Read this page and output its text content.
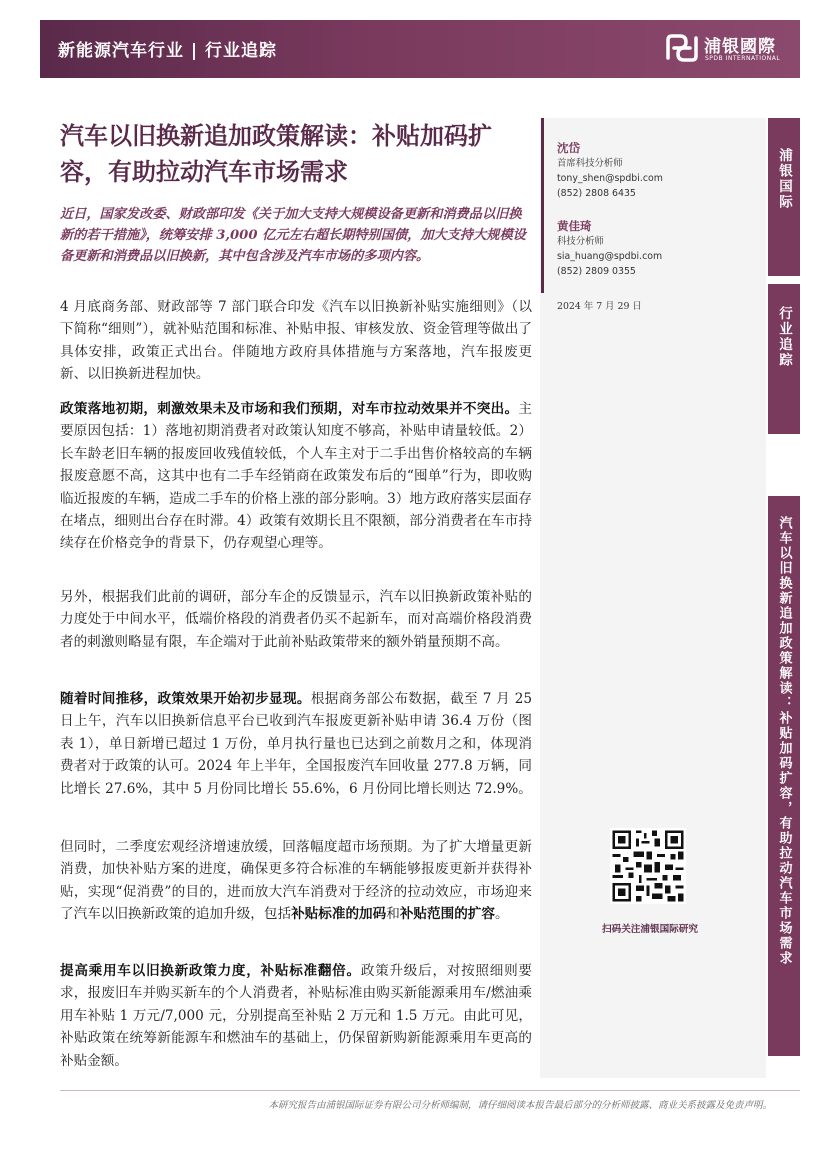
新能源汽车行业 | 行业追踪	浦银國際
SPDB INTERNATIONAL
汽车以旧换新追加政策解读：补贴加码扩容，有助拉动汽车市场需求

近日，国家发改委、财政部印发《关于加大支持大规模设备更新和消费品以旧换新的若干措施》，统筹安排 3,000 亿元左右超长期特别国债，加大支持大规模设备更新和消费品以旧换新，其中包含涉及汽车市场的多项内容。

4 月底商务部、财政部等 7 部门联合印发《汽车以旧换新补贴实施细则》（以下简称“细则”），就补贴范围和标准、补贴申报、审核发放、资金管理等做出了具体安排，政策正式出台。伴随地方政府具体措施与方案落地，汽车报废更新、以旧换新进程加快。

政策落地初期，刺激效果未及市场和我们预期，对车市拉动效果并不突出。主要原因包括：1）落地初期消费者对政策认知度不够高，补贴申请量较低。2）长车龄老旧车辆的报废回收残值较低，个人车主对于二手出售价格较高的车辆报废意愿不高，这其中也有二手车经销商在政策发布后的“囤单”行为，即收购临近报废的车辆，造成二手车的价格上涨的部分影响。3）地方政府落实层面存在堵点，细则出台存在时滞。4）政策有效期长且不限额，部分消费者在车市持续存在价格竞争的背景下，仍存观望心理等。

另外，根据我们此前的调研，部分车企的反馈显示，汽车以旧换新政策补贴的力度处于中间水平，低端价格段的消费者仍买不起新车，而对高端价格段消费者的刺激则略显有限，车企端对于此前补贴政策带来的额外销量预期不高。

随着时间推移，政策效果开始初步显现。根据商务部公布数据，截至 7 月 25 日上午，汽车以旧换新信息平台已收到汽车报废更新补贴申请 36.4 万份（图表 1），单日新增已超过 1 万份，单月执行量也已达到之前数月之和，体现消费者对于政策的认可。2024 年上半年，全国报废汽车回收量 277.8 万辆，同比增长 27.6%，其中 5 月份同比增长 55.6%，6 月份同比增长则达 72.9%。

但同时，二季度宏观经济增速放缓，回落幅度超市场预期。为了扩大增量更新消费，加快补贴方案的进度，确保更多符合标准的车辆能够报废更新并获得补贴，实现“促消费”的目的，进而放大汽车消费对于经济的拉动效应，市场迎来了汽车以旧换新政策的追加升级，包括补贴标准的加码和补贴范围的扩容。

提高乘用车以旧换新政策力度，补贴标准翻倍。政策升级后，对按照细则要求，报废旧车并购买新车的个人消费者，补贴标准由购买新能源乘用车/燃油乘用车补贴 1 万元/7,000 元，分别提高至补贴 2 万元和 1.5 万元。由此可见，补贴政策在统筹新能源车和燃油车的基础上，仍保留新购新能源乘用车更高的补贴金额。

沈岱
首席科技分析师
tony_shen@spdbi.com
(852) 2808 6435
黄佳琦
科技分析师
sia_huang@spdbi.com
(852) 2809 0355
2024 年 7 月 29 日
浦银国际
行业追踪
汽车以旧换新追加政策解读：补贴加码扩容，有助拉动汽车市场需求
扫码关注浦银国际研究
本研究报告由浦银国际证券有限公司分析师编制，请仔细阅读本报告最后部分的分析师披露、商业关系披露及免责声明。
